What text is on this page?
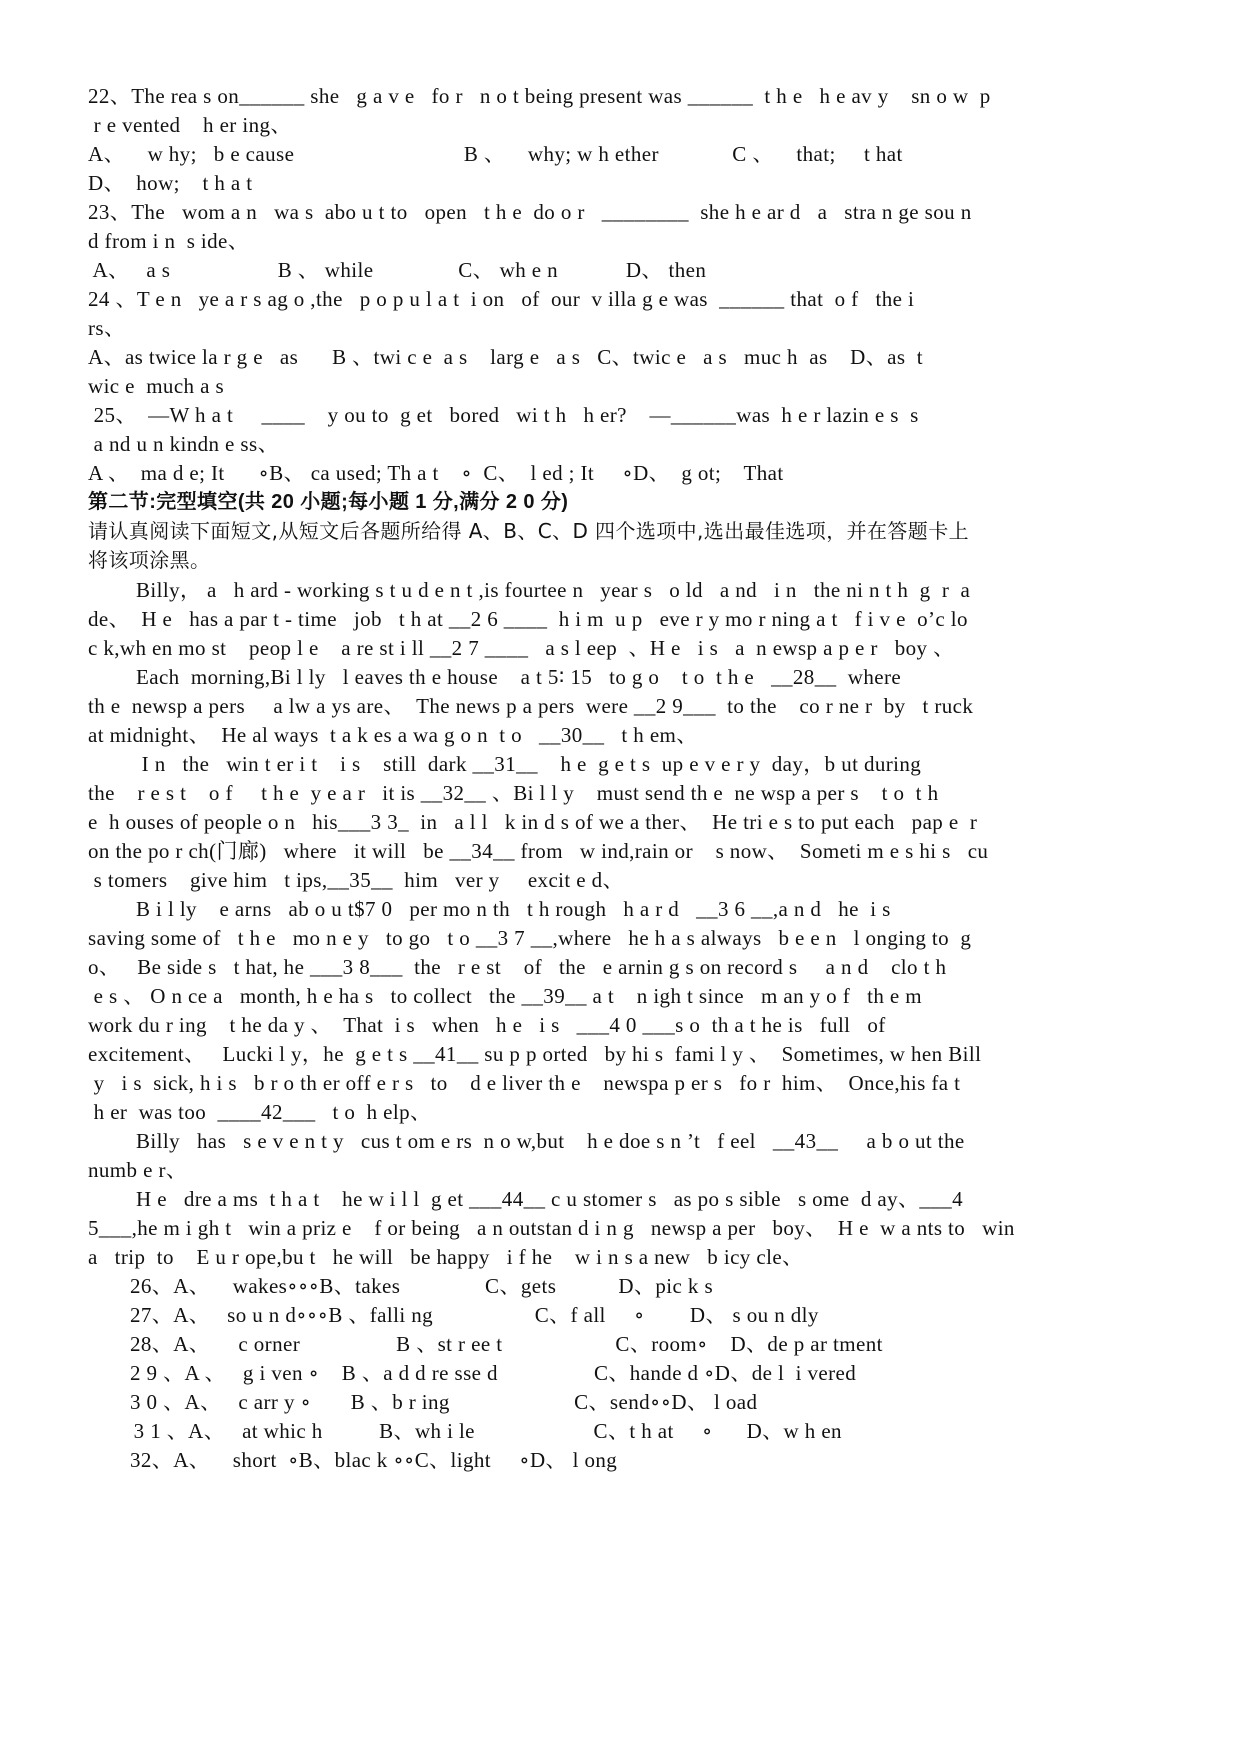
22、The rea s on______ she   g a v e   fo r   n o t being present was ______  t h e   h e av y    sn o w  p
r e vented    h er ing、
A、    w hy;   b e cause                              B 、    why; w h ether             C 、    that;     t hat
D、  how;    t h a t
23、The   wom a n   wa s  abo u t to   open   t h e  do o r   ________  she h e ar d   a   stra n ge sou n
d from i n  s ide、
A、   a s                   B 、 while               C、 wh e n            D、 then
24 、T e n   ye a r s ag o ,the   p o p u l a t  i on   of  our  v illa g e was  ______ that  o f   the i
rs、
A、as twice la r g e   as      B 、twi c e  a s    larg e   a s   C、twic e   a s   muc h  as    D、as  t
wic e  much a s
25、  —W h a t     ____    y ou to  g et   bored   wi t h   h er?    —______was  h e r lazin e s  s
a nd u n kindn e ss、
A 、  ma d e; It      ∘B、 ca used; Th a t    ∘  C、  l ed ; It     ∘D、  g ot;    That
第二节:完型填空(共 20 小题;每小题 1 分,满分 2 0 分)
请认真阅读下面短文,从短文后各题所给得 A、B、C、D 四个选项中,选出最佳选项，并在答题卡上
将该项涂黑。
Billy， a   h ard - working s t u d e n t ,is fourtee n   year s   o ld   a nd   i n   the ni n t h  g  r  a
de、  H e   has a par t - time   job   t h at __2 6 ____  h i m  u p   eve r y mo r ning a t   f i v e  o’c lo
c k,wh en mo st    peop l e    a re st i ll __2 7 ____   a s l eep  、H e   i s   a  n ewsp a p e r   boy 、
Each  morning,Bi l ly   l eaves th e house    a t 5∶ 15   to g o    t o  t h e   __28__  where
th e  newsp a pers     a lw a ys are、  The news p a pers  were __2 9___  to the    co r ne r  by   t ruck
at midnight、  He al ways  t a k es a wa g o n  t o   __30__   t h em、
I n   the   win t er i t    i s    still  dark __31__    h e  g e t s  up e v e r y  day，b ut during
the    r e s t    o f     t h e  y e a r   it is __32__ 、Bi l l y    must send th e  ne wsp a per s    t o  t h
e  h ouses of people o n   his___3 3_  in   a l l   k in d s of we a ther、  He tri e s to put each   pap e  r
on the po r ch(门廊)   where   it will   be __34__ from   w ind,rain or    s now、  Someti m e s hi s   cu
s tomers    give him   t ips,__35__  him   ver y     excit e d、
B i l ly    e arns   ab o u t$7 0   per mo n th   t h rough   h a r d   __3 6 __,a n d   he  i s
saving some of   t h e   mo n e y   to go   t o __3 7 __,where   he h a s always   b e e n   l onging to  g
o、   Be side s   t hat, he ___3 8___  the   r e st    of   the   e arnin g s on record s     a n d    clo t h
e s 、 O n ce a   month, h e ha s   to collect   the __39__ a t    n igh t since   m an y o f   th e m
work du r ing    t he da y 、  That  i s   when   h e   i s   ___4 0 ___s o  th a t he is   full   of
excitement、   Lucki l y，he  g e t s __41__ su p p orted   by hi s  fami l y 、  Sometimes, w hen Bill
y   i s  sick, h i s   b r o th er off e r s   to    d e liver th e    newspa p er s   fo r  him、  Once,his fa t
h er  was too  ____42___   t o  h elp、
Billy   has   s e v e n t y   cus t om e rs  n o w,but    h e doe s n ’t   f eel   __43__     a b o ut the
numb e r、
H e   dre a ms  t h a t    he w i l l  g et ___44__ c u stomer s   as po s sible   s ome  d ay、___4
5___,he m i gh t   win a priz e    f or being   a n outstan d i n g   newsp a per   boy、  H e  w a nts to   win
a   trip  to    E u r ope,bu t   he will   be happy   i f he    w i n s a new   b icy cle、
26、A、    wakes∘∘∘B、takes               C、gets           D、pic k s
27、A、   so u n d∘∘∘B 、falli ng                  C、f all     ∘        D、 s ou n dly
28、A、     c orner                 B 、st r ee t                    C、room∘    D、de p ar tment
2 9 、A 、   g i ven ∘    B 、a d d re sse d                 C、hande d ∘D、de l  i vered
3 0 、A、   c arr y ∘       B 、b r ing                      C、send∘∘D、 l oad
3 1 、A、   at whic h          B、wh i le                     C、t h at     ∘      D、w h en
32、A、    short  ∘B、blac k ∘∘C、light     ∘D、 l ong
